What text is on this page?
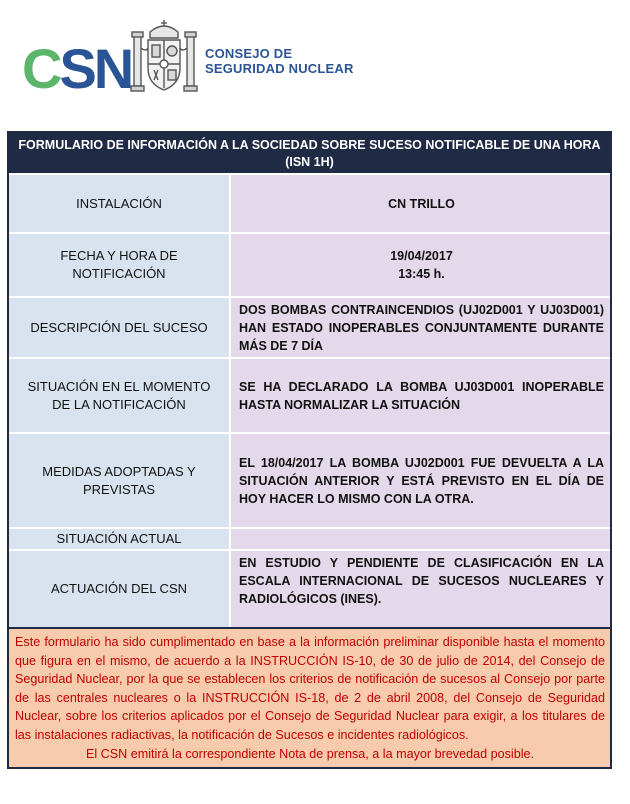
CSN	CONSEJO DE
SEGURIDAD NUCLEAR
FORMULARIO DE INFORMACIÓN A LA SOCIEDAD SOBRE SUCESO NOTIFICABLE DE UNA HORA
(ISN 1H)
INSTALACIÓN	CN TRILLO
FECHA Y HORA DE NOTIFICACIÓN
19/04/2017
13:45 h.
DESCRIPCIÓN DEL SUCESO
DOS BOMBAS CONTRAINCENDIOS (UJ02D001 Y UJ03D001) HAN ESTADO INOPERABLES CONJUNTAMENTE DURANTE MÁS DE 7 DÍA
SITUACIÓN EN EL MOMENTO DE LA NOTIFICACIÓN
SE HA DECLARADO LA BOMBA UJ03D001 INOPERABLE HASTA NORMALIZAR LA SITUACIÓN
MEDIDAS ADOPTADAS Y PREVISTAS
EL 18/04/2017 LA BOMBA UJ02D001 FUE DEVUELTA A LA SITUACIÓN ANTERIOR Y ESTÁ PREVISTO EN EL DÍA DE HOY HACER LO MISMO CON LA OTRA.
SITUACIÓN ACTUAL
ACTUACIÓN DEL CSN
EN ESTUDIO Y PENDIENTE DE CLASIFICACIÓN EN LA ESCALA INTERNACIONAL DE SUCESOS NUCLEARES Y RADIOLÓGICOS (INES).
Este formulario ha sido cumplimentado en base a la información preliminar disponible hasta el momento que figura en el mismo, de acuerdo a la INSTRUCCIÓN IS-10, de 30 de julio de 2014, del Consejo de Seguridad Nuclear, por la que se establecen los criterios de notificación de sucesos al Consejo por parte de las centrales nucleares o la INSTRUCCIÓN IS-18, de 2 de abril 2008, del Consejo de Seguridad Nuclear, sobre los criterios aplicados por el Consejo de Seguridad Nuclear para exigir, a los titulares de las instalaciones radiactivas, la notificación de Sucesos e incidentes radiológicos.
El CSN emitirá la correspondiente Nota de prensa, a la mayor brevedad posible.
